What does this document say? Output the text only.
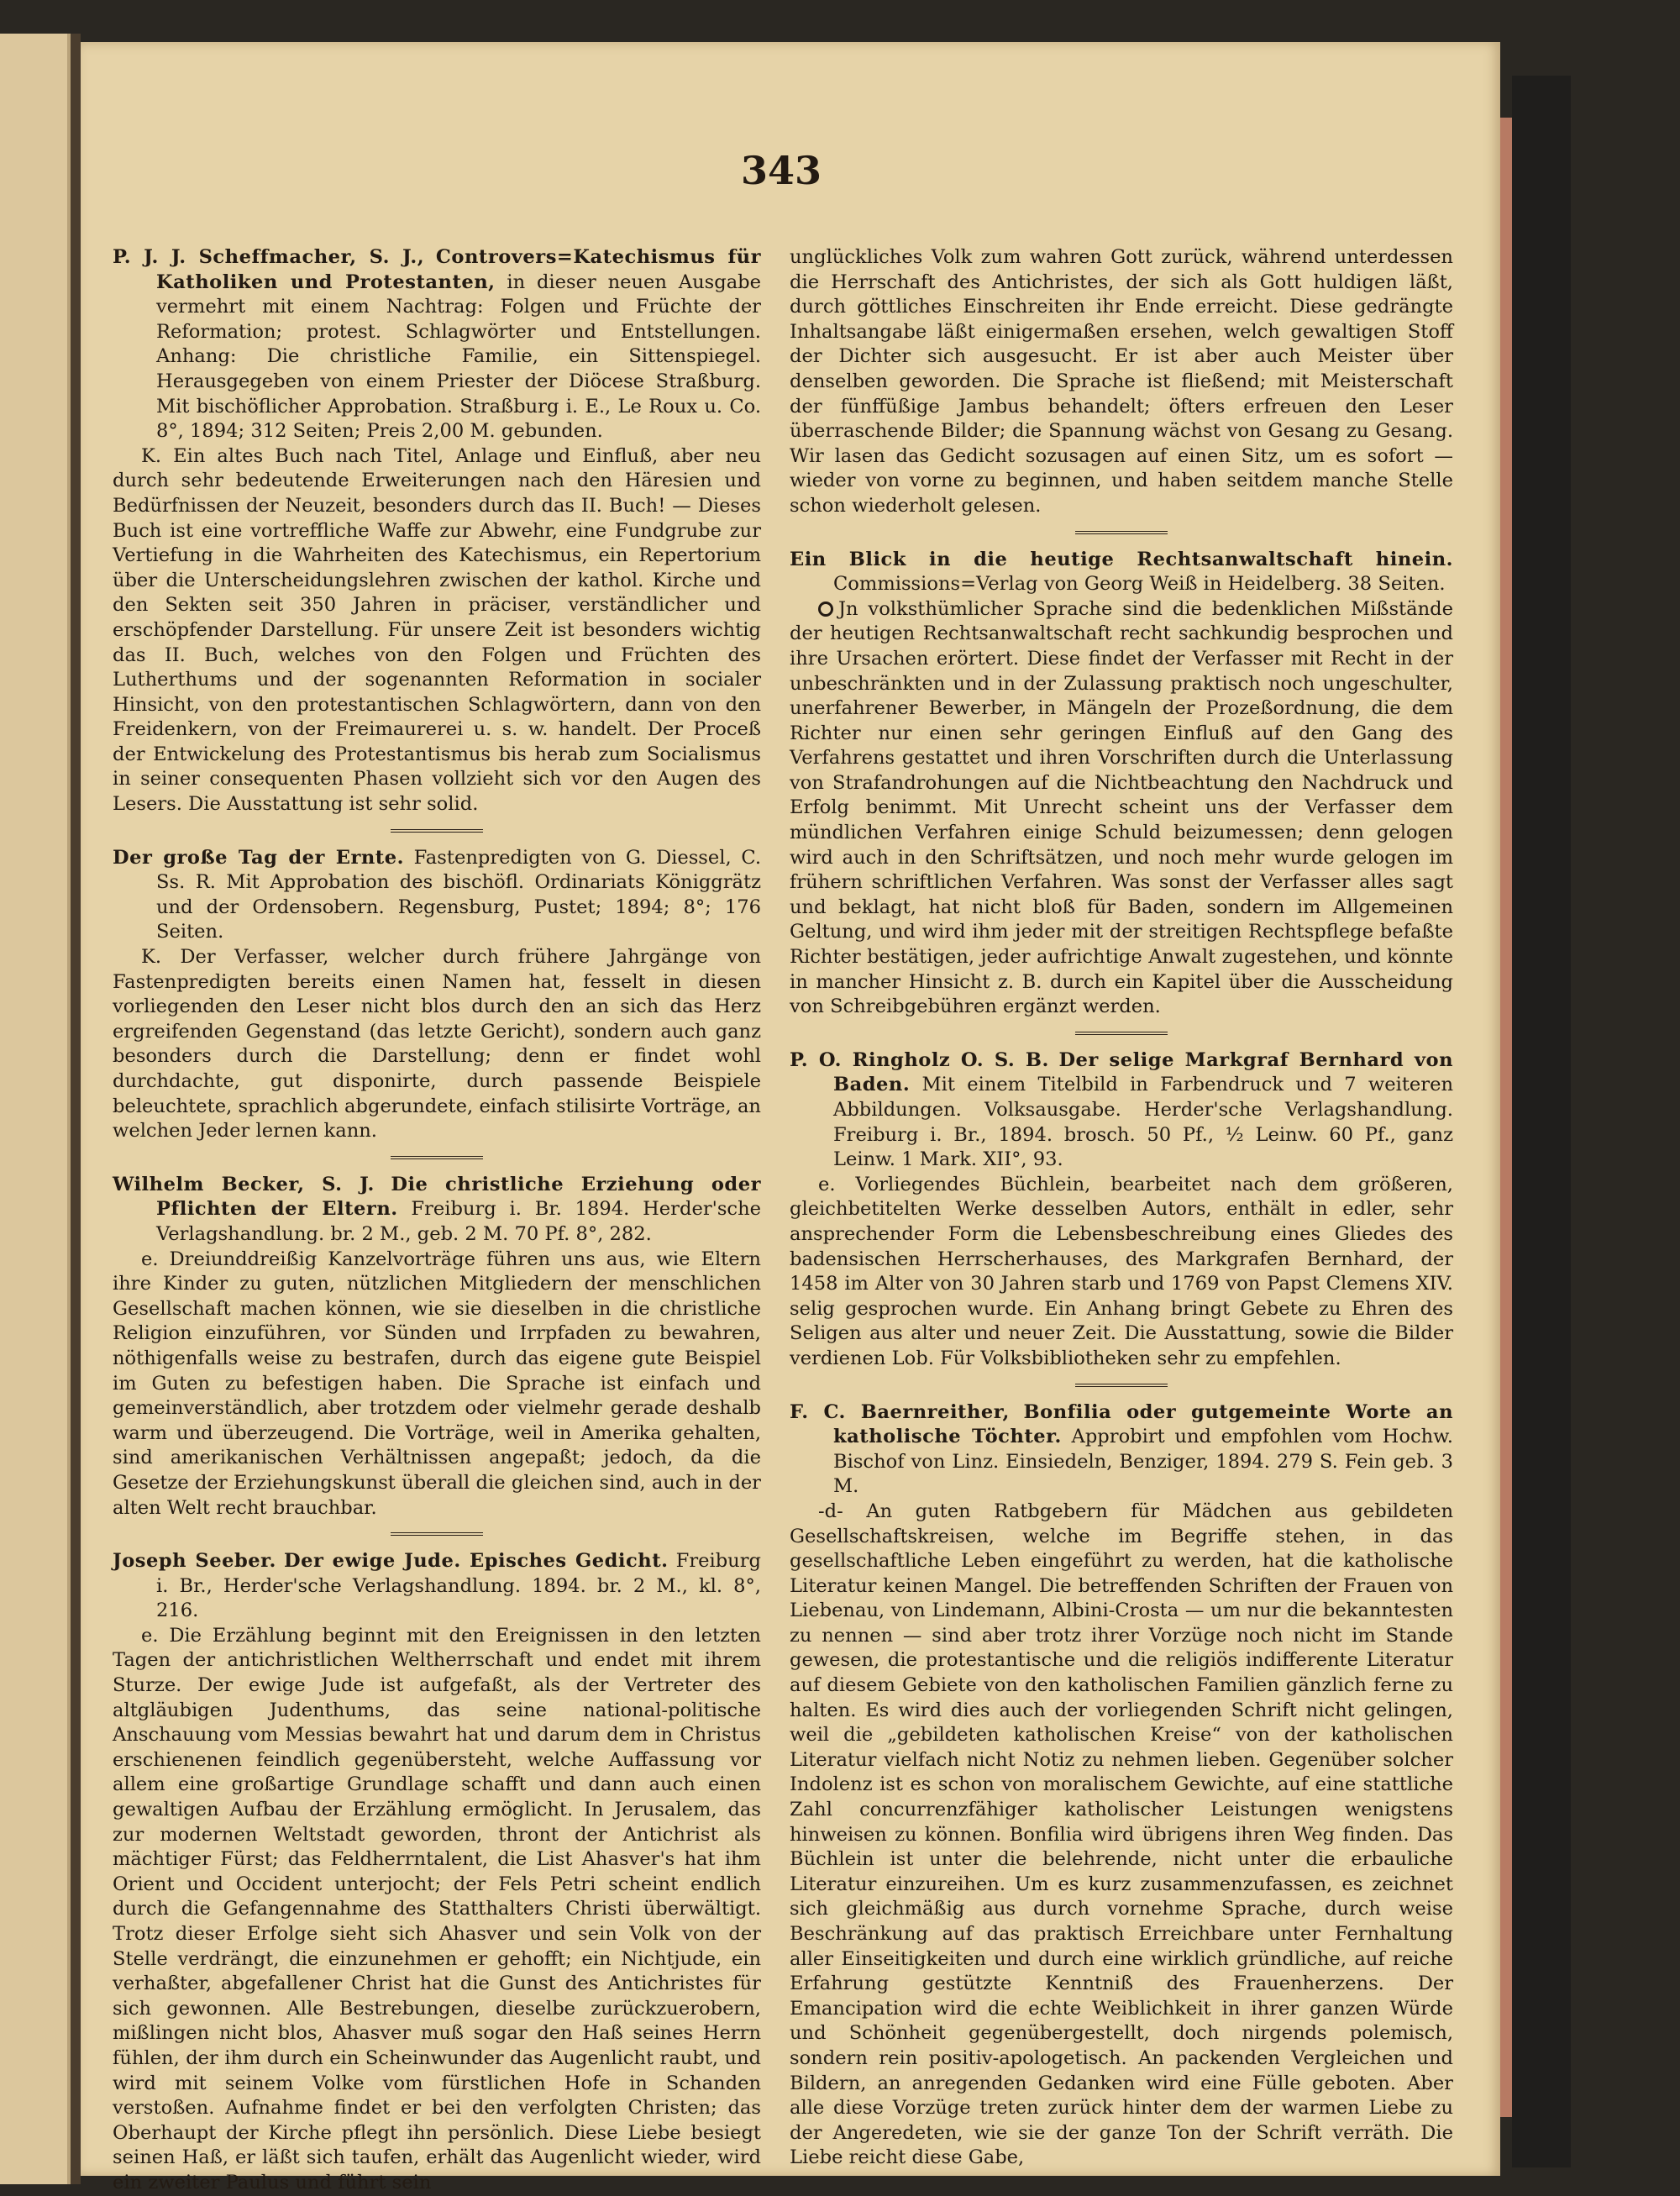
343

P. J. J. Scheffmacher, S. J., Controvers=Katechismus für Katholiken und Protestanten, in dieser neuen Ausgabe vermehrt mit einem Nachtrag: Folgen und Früchte der Reformation; protest. Schlagwörter und Entstellungen. Anhang: Die christliche Familie, ein Sittenspiegel. Herausgegeben von einem Priester der Diöcese Straßburg. Mit bischöflicher Approbation. Straßburg i. E., Le Roux u. Co. 8°, 1894; 312 Seiten; Preis 2,00 M. gebunden.

K. Ein altes Buch nach Titel, Anlage und Einfluß, aber neu durch sehr bedeutende Erweiterungen nach den Häresien und Bedürfnissen der Neuzeit, besonders durch das II. Buch! — Dieses Buch ist eine vortreffliche Waffe zur Abwehr, eine Fundgrube zur Vertiefung in die Wahrheiten des Katechismus, ein Repertorium über die Unterscheidungslehren zwischen der kathol. Kirche und den Sekten seit 350 Jahren in präciser, verständlicher und erschöpfender Darstellung. Für unsere Zeit ist besonders wichtig das II. Buch, welches von den Folgen und Früchten des Lutherthums und der sogenannten Reformation in socialer Hinsicht, von den protestantischen Schlagwörtern, dann von den Freidenkern, von der Freimaurerei u. s. w. handelt. Der Proceß der Entwickelung des Protestantismus bis herab zum Socialismus in seiner consequenten Phasen vollzieht sich vor den Augen des Lesers. Die Ausstattung ist sehr solid.

Der große Tag der Ernte. Fastenpredigten von G. Diessel, C. Ss. R. Mit Approbation des bischöfl. Ordinariats Königgrätz und der Ordensobern. Regensburg, Pustet; 1894; 8°; 176 Seiten.

K. Der Verfasser, welcher durch frühere Jahrgänge von Fastenpredigten bereits einen Namen hat, fesselt in diesen vorliegenden den Leser nicht blos durch den an sich das Herz ergreifenden Gegenstand (das letzte Gericht), sondern auch ganz besonders durch die Darstellung; denn er findet wohl durchdachte, gut disponirte, durch passende Beispiele beleuchtete, sprachlich abgerundete, einfach stilisirte Vorträge, an welchen Jeder lernen kann.

Wilhelm Becker, S. J. Die christliche Erziehung oder Pflichten der Eltern. Freiburg i. Br. 1894. Herder'sche Verlagshandlung. br. 2 M., geb. 2 M. 70 Pf. 8°, 282.

e. Dreiunddreißig Kanzelvorträge führen uns aus, wie Eltern ihre Kinder zu guten, nützlichen Mitgliedern der menschlichen Gesellschaft machen können, wie sie dieselben in die christliche Religion einzuführen, vor Sünden und Irrpfaden zu bewahren, nöthigenfalls weise zu bestrafen, durch das eigene gute Beispiel im Guten zu befestigen haben. Die Sprache ist einfach und gemeinverständlich, aber trotzdem oder vielmehr gerade deshalb warm und überzeugend. Die Vorträge, weil in Amerika gehalten, sind amerikanischen Verhältnissen angepaßt; jedoch, da die Gesetze der Erziehungskunst überall die gleichen sind, auch in der alten Welt recht brauchbar.

Joseph Seeber. Der ewige Jude. Episches Gedicht. Freiburg i. Br., Herder'sche Verlagshandlung. 1894. br. 2 M., kl. 8°, 216.

e. Die Erzählung beginnt mit den Ereignissen in den letzten Tagen der antichristlichen Weltherrschaft und endet mit ihrem Sturze. Der ewige Jude ist aufgefaßt, als der Vertreter des altgläubigen Judenthums, das seine national-politische Anschauung vom Messias bewahrt hat und darum dem in Christus erschienenen feindlich gegenübersteht, welche Auffassung vor allem eine großartige Grundlage schafft und dann auch einen gewaltigen Aufbau der Erzählung ermöglicht. In Jerusalem, das zur modernen Weltstadt geworden, thront der Antichrist als mächtiger Fürst; das Feldherrntalent, die List Ahasver's hat ihm Orient und Occident unterjocht; der Fels Petri scheint endlich durch die Gefangennahme des Statthalters Christi überwältigt. Trotz dieser Erfolge sieht sich Ahasver und sein Volk von der Stelle verdrängt, die einzunehmen er gehofft; ein Nichtjude, ein verhaßter, abgefallener Christ hat die Gunst des Antichristes für sich gewonnen. Alle Bestrebungen, dieselbe zurückzuerobern, mißlingen nicht blos, Ahasver muß sogar den Haß seines Herrn fühlen, der ihm durch ein Scheinwunder das Augenlicht raubt, und wird mit seinem Volke vom fürstlichen Hofe in Schanden verstoßen. Aufnahme findet er bei den verfolgten Christen; das Oberhaupt der Kirche pflegt ihn persönlich. Diese Liebe besiegt seinen Haß, er läßt sich taufen, erhält das Augenlicht wieder, wird ein zweiter Paulus und führt sein

unglückliches Volk zum wahren Gott zurück, während unterdessen die Herrschaft des Antichristes, der sich als Gott huldigen läßt, durch göttliches Einschreiten ihr Ende erreicht. Diese gedrängte Inhaltsangabe läßt einigermaßen ersehen, welch gewaltigen Stoff der Dichter sich ausgesucht. Er ist aber auch Meister über denselben geworden. Die Sprache ist fließend; mit Meisterschaft der fünffüßige Jambus behandelt; öfters erfreuen den Leser überraschende Bilder; die Spannung wächst von Gesang zu Gesang. Wir lasen das Gedicht sozusagen auf einen Sitz, um es sofort — wieder von vorne zu beginnen, und haben seitdem manche Stelle schon wiederholt gelesen.

Ein Blick in die heutige Rechtsanwaltschaft hinein. Commissions=Verlag von Georg Weiß in Heidelberg. 38 Seiten.

Jn volksthümlicher Sprache sind die bedenklichen Mißstände der heutigen Rechtsanwaltschaft recht sachkundig besprochen und ihre Ursachen erörtert. Diese findet der Verfasser mit Recht in der unbeschränkten und in der Zulassung praktisch noch ungeschulter, unerfahrener Bewerber, in Mängeln der Prozeßordnung, die dem Richter nur einen sehr geringen Einfluß auf den Gang des Verfahrens gestattet und ihren Vorschriften durch die Unterlassung von Strafandrohungen auf die Nichtbeachtung den Nachdruck und Erfolg benimmt. Mit Unrecht scheint uns der Verfasser dem mündlichen Verfahren einige Schuld beizumessen; denn gelogen wird auch in den Schriftsätzen, und noch mehr wurde gelogen im frühern schriftlichen Verfahren. Was sonst der Verfasser alles sagt und beklagt, hat nicht bloß für Baden, sondern im Allgemeinen Geltung, und wird ihm jeder mit der streitigen Rechtspflege befaßte Richter bestätigen, jeder aufrichtige Anwalt zugestehen, und könnte in mancher Hinsicht z. B. durch ein Kapitel über die Ausscheidung von Schreibgebühren ergänzt werden.

P. O. Ringholz O. S. B. Der selige Markgraf Bernhard von Baden. Mit einem Titelbild in Farbendruck und 7 weiteren Abbildungen. Volksausgabe. Herder'sche Verlagshandlung. Freiburg i. Br., 1894. brosch. 50 Pf., ½ Leinw. 60 Pf., ganz Leinw. 1 Mark. XII°, 93.

e. Vorliegendes Büchlein, bearbeitet nach dem größeren, gleichbetitelten Werke desselben Autors, enthält in edler, sehr ansprechender Form die Lebensbeschreibung eines Gliedes des badensischen Herrscherhauses, des Markgrafen Bernhard, der 1458 im Alter von 30 Jahren starb und 1769 von Papst Clemens XIV. selig gesprochen wurde. Ein Anhang bringt Gebete zu Ehren des Seligen aus alter und neuer Zeit. Die Ausstattung, sowie die Bilder verdienen Lob. Für Volksbibliotheken sehr zu empfehlen.

F. C. Baernreither, Bonfilia oder gutgemeinte Worte an katholische Töchter. Approbirt und empfohlen vom Hochw. Bischof von Linz. Einsiedeln, Benziger, 1894. 279 S. Fein geb. 3 M.

-d- An guten Ratbgebern für Mädchen aus gebildeten Gesellschaftskreisen, welche im Begriffe stehen, in das gesellschaftliche Leben eingeführt zu werden, hat die katholische Literatur keinen Mangel. Die betreffenden Schriften der Frauen von Liebenau, von Lindemann, Albini-Crosta — um nur die bekanntesten zu nennen — sind aber trotz ihrer Vorzüge noch nicht im Stande gewesen, die protestantische und die religiös indifferente Literatur auf diesem Gebiete von den katholischen Familien gänzlich ferne zu halten. Es wird dies auch der vorliegenden Schrift nicht gelingen, weil die „gebildeten katholischen Kreise“ von der katholischen Literatur vielfach nicht Notiz zu nehmen lieben. Gegenüber solcher Indolenz ist es schon von moralischem Gewichte, auf eine stattliche Zahl concurrenzfähiger katholischer Leistungen wenigstens hinweisen zu können. Bonfilia wird übrigens ihren Weg finden. Das Büchlein ist unter die belehrende, nicht unter die erbauliche Literatur einzureihen. Um es kurz zusammenzufassen, es zeichnet sich gleichmäßig aus durch vornehme Sprache, durch weise Beschränkung auf das praktisch Erreichbare unter Fernhaltung aller Einseitigkeiten und durch eine wirklich gründliche, auf reiche Erfahrung gestützte Kenntniß des Frauenherzens. Der Emancipation wird die echte Weiblichkeit in ihrer ganzen Würde und Schönheit gegenübergestellt, doch nirgends polemisch, sondern rein positiv-apologetisch. An packenden Vergleichen und Bildern, an anregenden Gedanken wird eine Fülle geboten. Aber alle diese Vorzüge treten zurück hinter dem der warmen Liebe zu der Angeredeten, wie sie der ganze Ton der Schrift verräth. Die Liebe reicht diese Gabe,
